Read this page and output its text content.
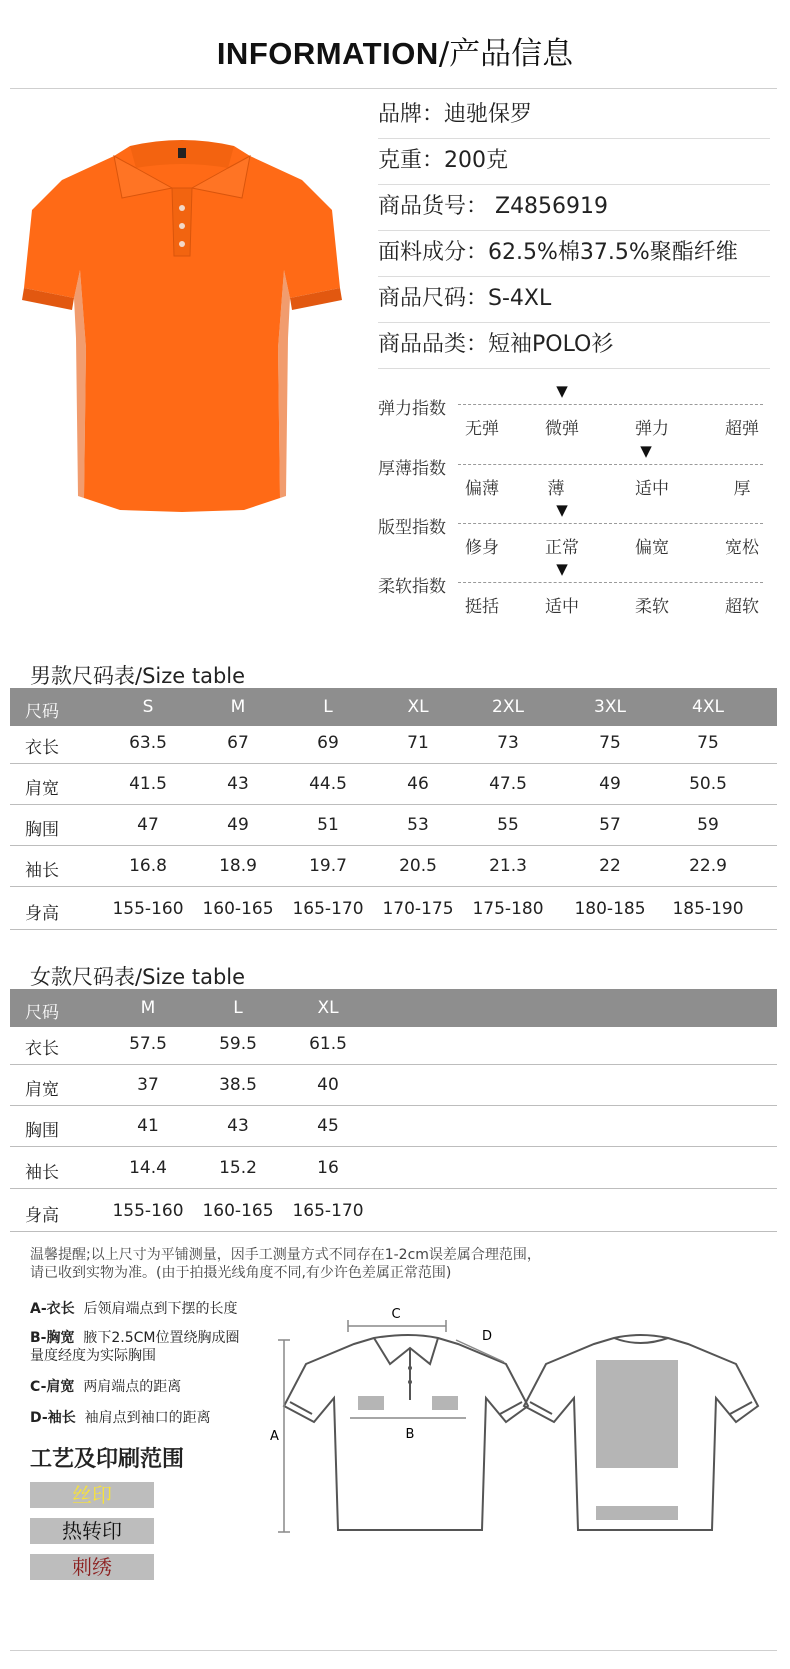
INFORMATION/产品信息
品牌：迪驰保罗
克重：200克
商品货号： Z4856919
面料成分：62.5%棉37.5%聚酯纤维
商品尺码：S-4XL
商品品类：短袖POLO衫
弹力指数
无弹	微弹	弹力	超弹
厚薄指数
偏薄	薄	适中	厚
版型指数
修身	正常	偏宽	宽松
柔软指数
挺括	适中	柔软	超软
▼
▼
▼
▼
男款尺码表/Size table
尺码	S	M	L	XL	2XL	3XL	4XL
衣长	63.5	67	69	71	73	75	75
肩宽	41.5	43	44.5	46	47.5	49	50.5
胸围	47	49	51	53	55	57	59
袖长	16.8	18.9	19.7	20.5	21.3	22	22.9
身高	155-160 160-165 165-170 170-175 175-180 180-185 185-190
女款尺码表/Size table
尺码	M	L	XL
衣长	57.5	59.5	61.5
肩宽	37	38.5	40
胸围	41	43	45
袖长	14.4	15.2	16
身高	155-160 160-165 165-170
温馨提醒;以上尺寸为平铺测量，因手工测量方式不同存在1-2cm误差属合理范围，
请已收到实物为准。(由于拍摄光线角度不同,有少许色差属正常范围)
A-衣长 后领肩端点到下摆的长度
B-胸宽 腋下2.5CM位置绕胸成圈
量度经度为实际胸围
C-肩宽 两肩端点的距离
D-袖长 袖肩点到袖口的距离
工艺及印刷范围
丝印
热转印
刺绣
C
B
A
D
